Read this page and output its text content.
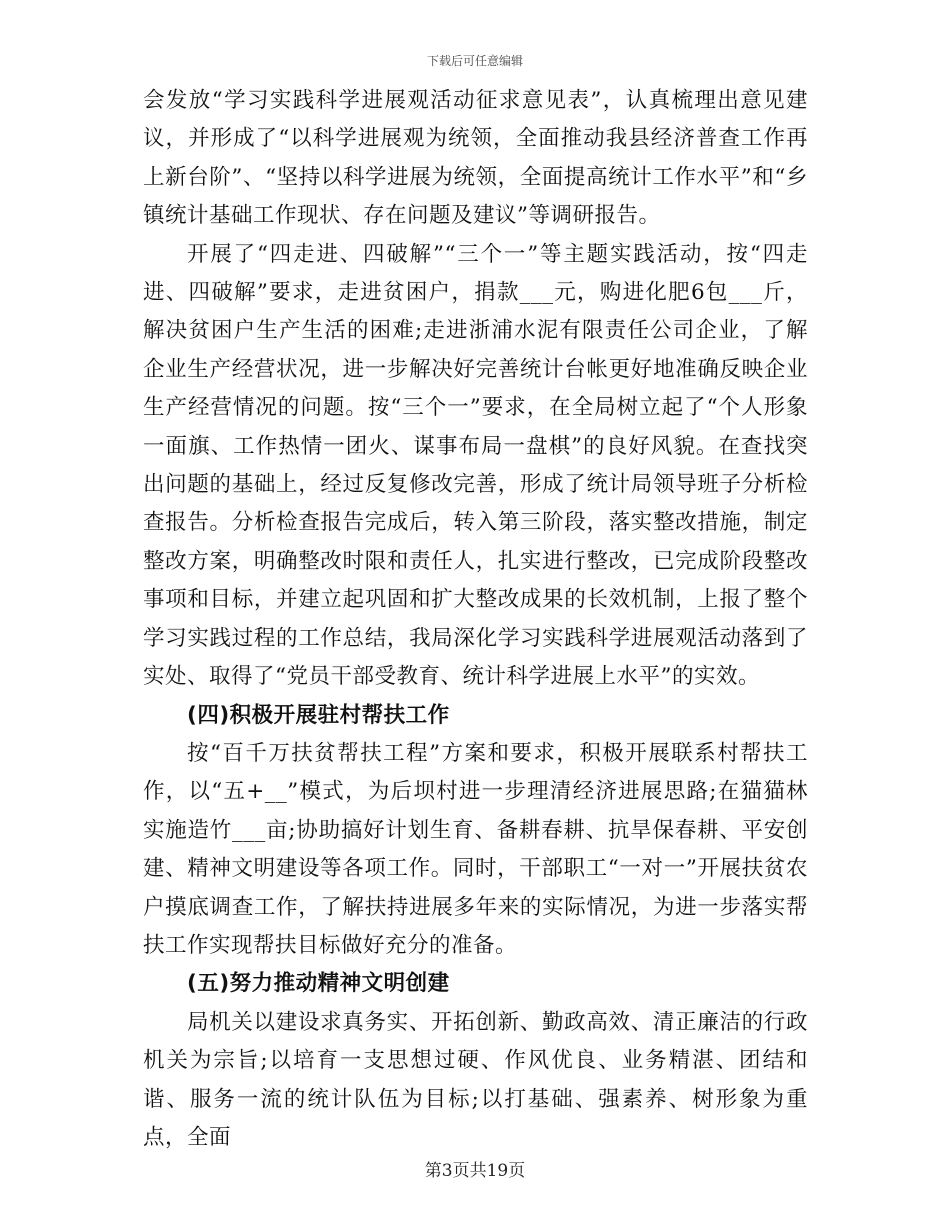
下载后可任意编辑

会发放“学习实践科学进展观活动征求意见表”，认真梳理出意见建议，并形成了“以科学进展观为统领，全面推动我县经济普查工作再上新台阶”、“坚持以科学进展为统领，全面提高统计工作水平”和“乡镇统计基础工作现状、存在问题及建议”等调研报告。

开展了“四走进、四破解”“三个一”等主题实践活动，按“四走进、四破解”要求，走进贫困户，捐款___元，购进化肥6包___斤，解决贫困户生产生活的困难;走进浙浦水泥有限责任公司企业，了解企业生产经营状况，进一步解决好完善统计台帐更好地准确反映企业生产经营情况的问题。按“三个一”要求，在全局树立起了“个人形象一面旗、工作热情一团火、谋事布局一盘棋”的良好风貌。在查找突出问题的基础上，经过反复修改完善，形成了统计局领导班子分析检查报告。分析检查报告完成后，转入第三阶段，落实整改措施，制定整改方案，明确整改时限和责任人，扎实进行整改，已完成阶段整改事项和目标，并建立起巩固和扩大整改成果的长效机制，上报了整个学习实践过程的工作总结，我局深化学习实践科学进展观活动落到了实处、取得了“党员干部受教育、统计科学进展上水平”的实效。

(四)积极开展驻村帮扶工作

按“百千万扶贫帮扶工程”方案和要求，积极开展联系村帮扶工作，以“五+__”模式，为后坝村进一步理清经济进展思路;在猫猫林实施造竹___亩;协助搞好计划生育、备耕春耕、抗旱保春耕、平安创建、精神文明建设等各项工作。同时，干部职工“一对一”开展扶贫农户摸底调查工作，了解扶持进展多年来的实际情况，为进一步落实帮扶工作实现帮扶目标做好充分的准备。

(五)努力推动精神文明创建

局机关以建设求真务实、开拓创新、勤政高效、清正廉洁的行政机关为宗旨;以培育一支思想过硬、作风优良、业务精湛、团结和谐、服务一流的统计队伍为目标;以打基础、强素养、树形象为重点，全面

第3页共19页
